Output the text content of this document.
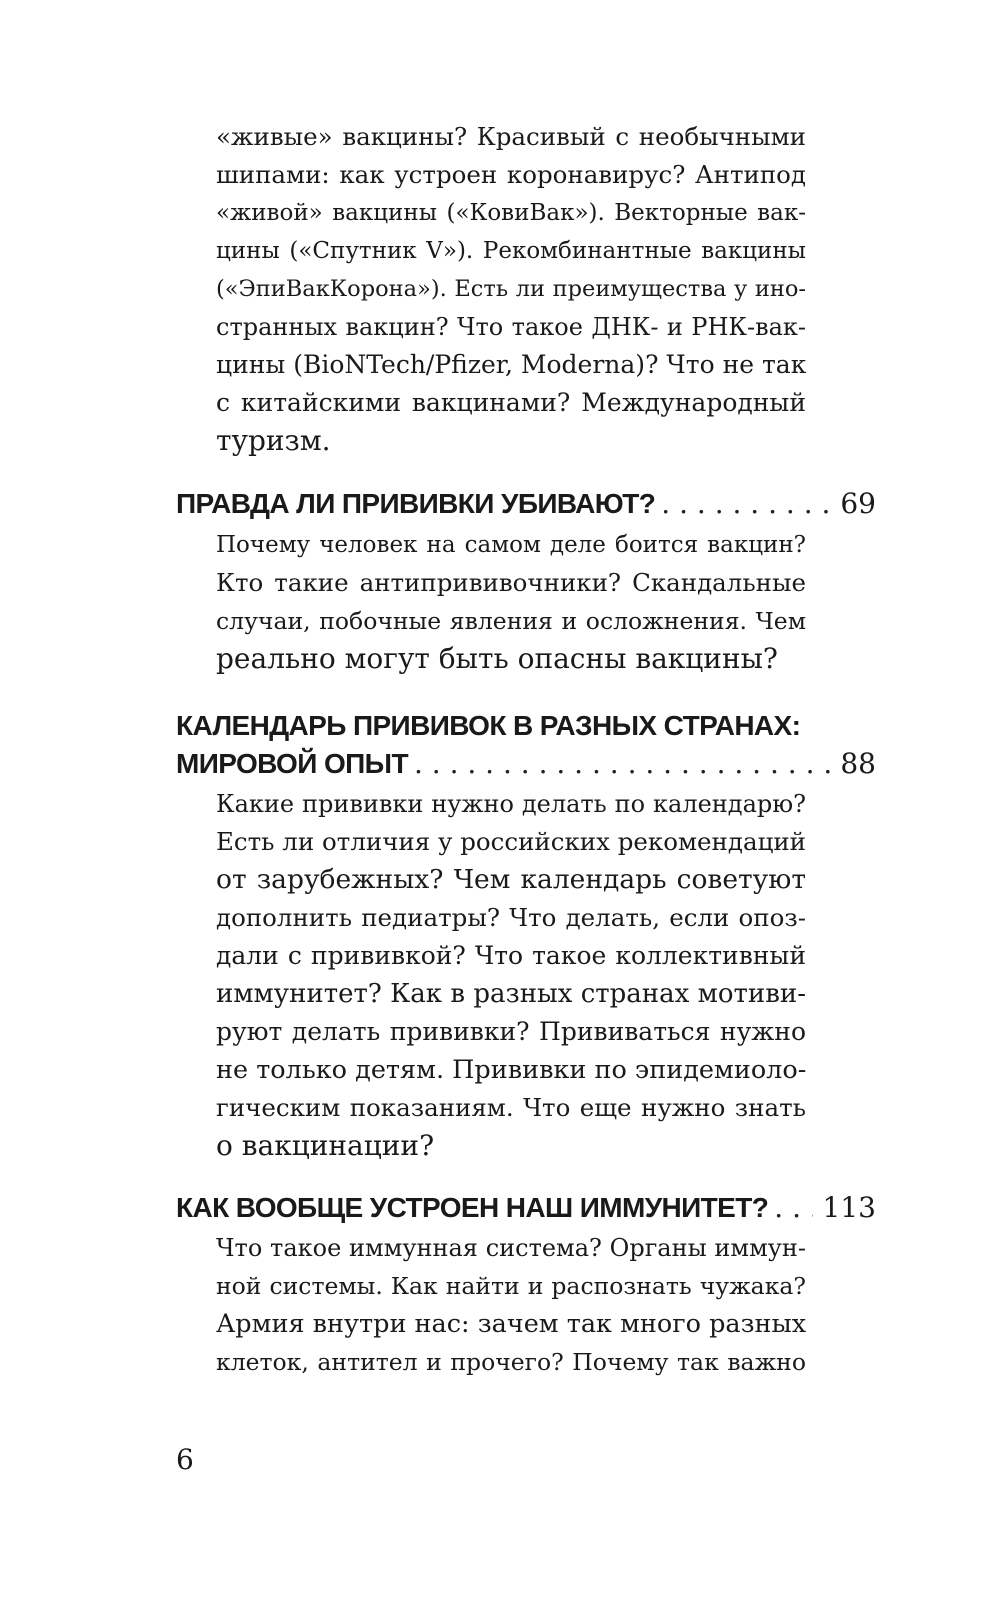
«живые» вакцины? Красивый с необычными
шипами: как устроен коронавирус? Антипод
«живой» вакцины («КовиВак»). Векторные вак-
цины («Спутник V»). Рекомбинантные вакцины
(«ЭпиВакКорона»). Есть ли преимущества у ино-
странных вакцин? Что такое ДНК- и РНК-вак-
цины (BioNTech/Pfizer, Moderna)? Что не так
с китайскими вакцинами? Международный
туризм.
ПРАВДА ЛИ ПРИВИВКИ УБИВАЮТ? . . .	69
Почему человек на самом деле боится вакцин?
Кто такие антипрививочники? Скандальные
случаи, побочные явления и осложнения. Чем
реально могут быть опасны вакцины?
КАЛЕНДАРЬ ПРИВИВОК В РАЗНЫХ СТРАНАХ:
МИРОВОЙ ОПЫТ . . .	88
Какие прививки нужно делать по календарю?
Есть ли отличия у российских рекомендаций
от зарубежных? Чем календарь советуют
дополнить педиатры? Что делать, если опоз-
дали с прививкой? Что такое коллективный
иммунитет? Как в разных странах мотиви-
руют делать прививки? Прививаться нужно
не только детям. Прививки по эпидемиоло-
гическим показаниям. Что еще нужно знать
о вакцинации?
КАК ВООБЩЕ УСТРОЕН НАШ ИММУНИТЕТ? . . . 113
Что такое иммунная система? Органы иммун-
ной системы. Как найти и распознать чужака?
Армия внутри нас: зачем так много разных
клеток, антител и прочего? Почему так важно
6
